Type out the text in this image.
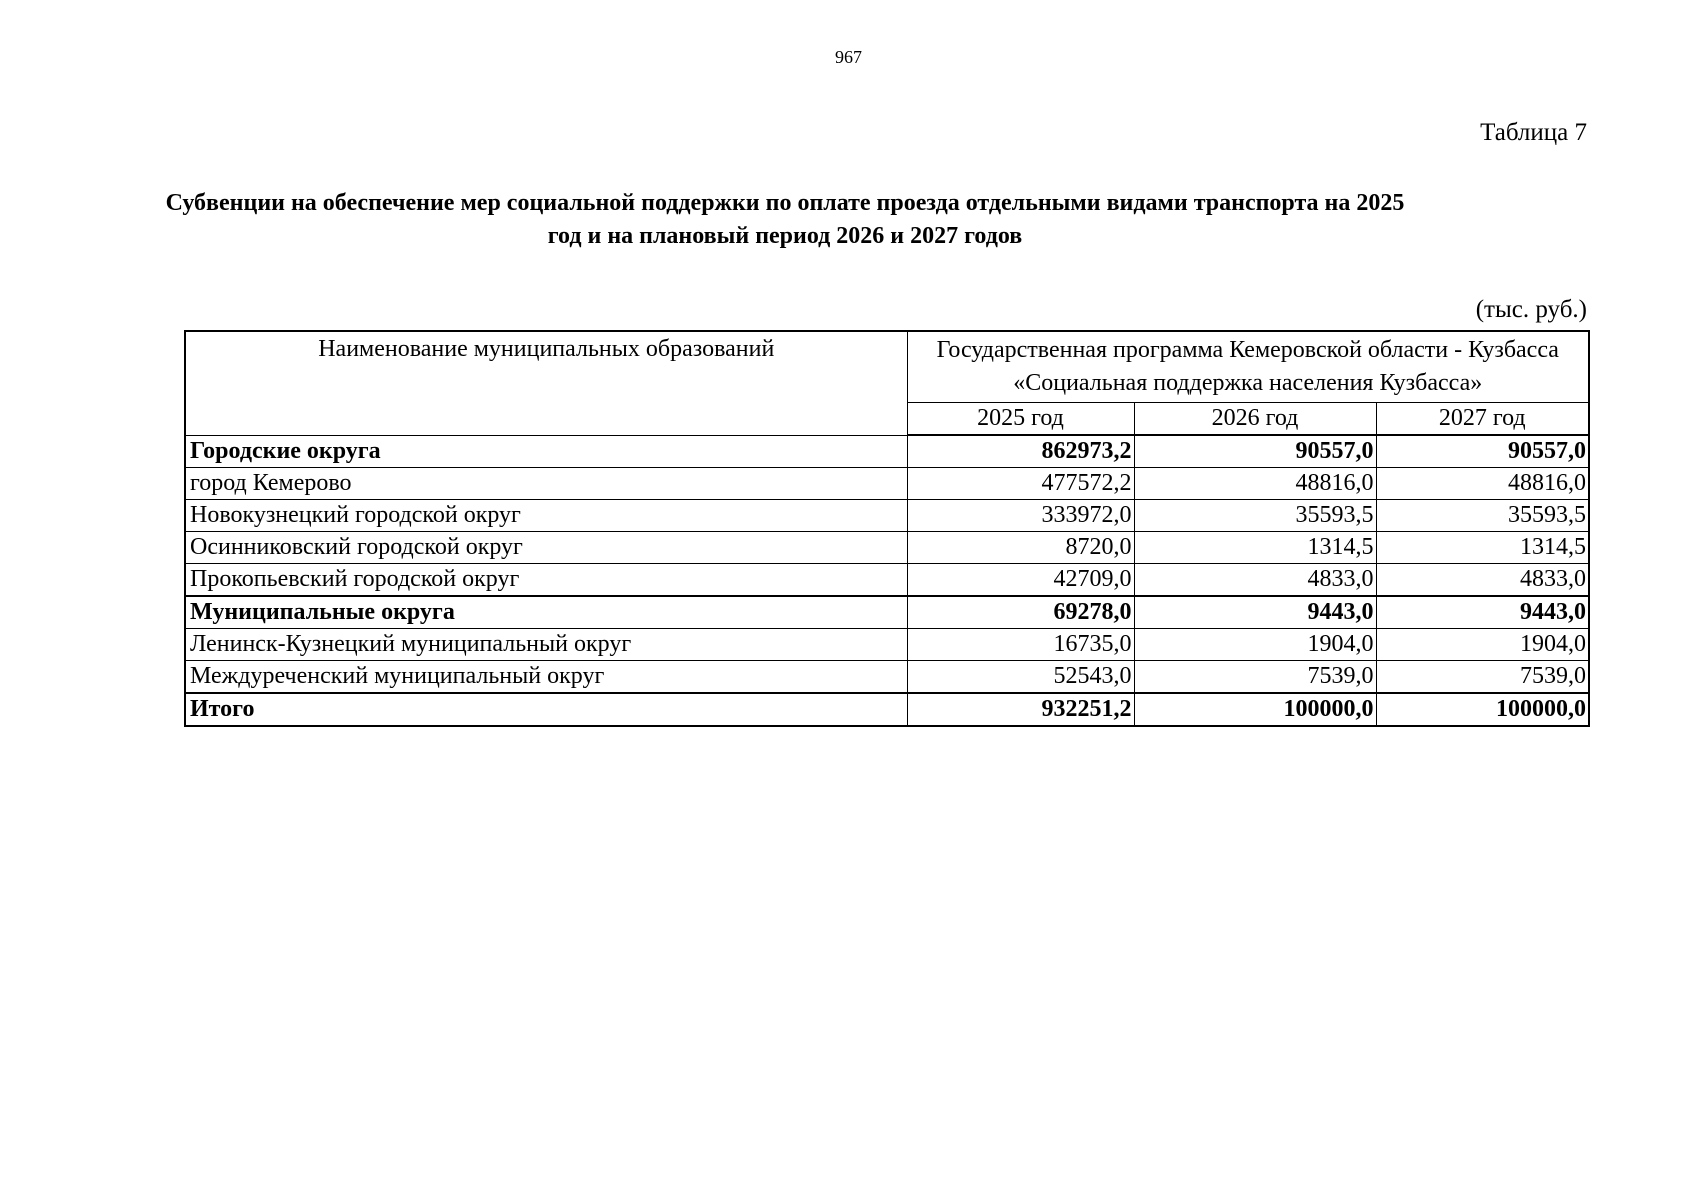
967
Таблица 7
Субвенции на обеспечение мер социальной поддержки по оплате проезда отдельными видами транспорта на 2025 год и на плановый период 2026 и 2027 годов
(тыс. руб.)
Наименование муниципальных образований	Государственная программа Кемеровской области - Кузбасса «Социальная поддержка населения Кузбасса»		
	2025 год	2026 год	2027 год
Городские округа	862973,2	90557,0	90557,0
город Кемерово	477572,2	48816,0	48816,0
Новокузнецкий городской округ	333972,0	35593,5	35593,5
Осинниковский городской округ	8720,0	1314,5	1314,5
Прокопьевский городской округ	42709,0	4833,0	4833,0
Муниципальные округа	69278,0	9443,0	9443,0
Ленинск-Кузнецкий муниципальный округ	16735,0	1904,0	1904,0
Междуреченский муниципальный округ	52543,0	7539,0	7539,0
Итого	932251,2	100000,0	100000,0
